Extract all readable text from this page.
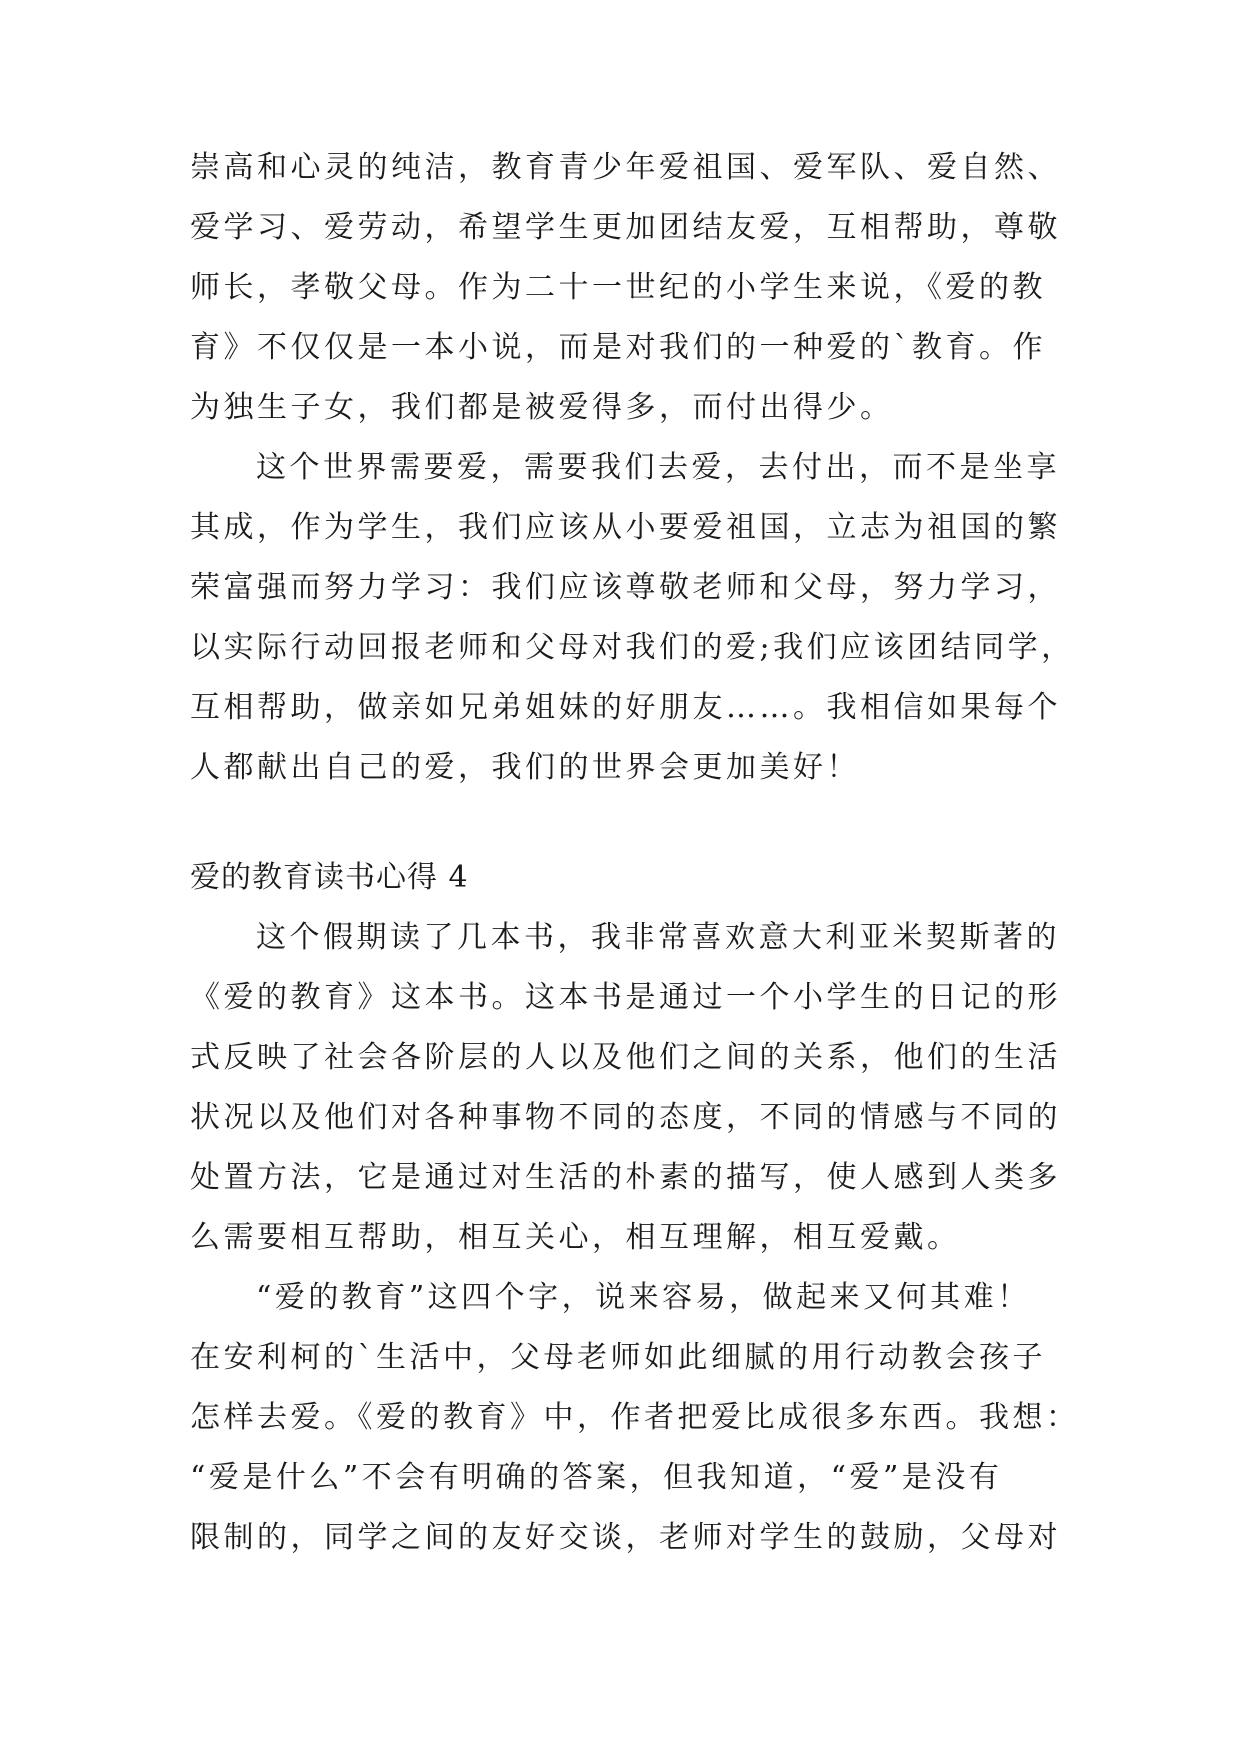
崇高和心灵的纯洁，教育青少年爱祖国、爱军队、爱自然、
爱学习、爱劳动，希望学生更加团结友爱，互相帮助，尊敬
师长，孝敬父母。作为二十一世纪的小学生来说，《爱的教
育》不仅仅是一本小说，而是对我们的一种爱的`教育。作
为独生子女，我们都是被爱得多，而付出得少。
这个世界需要爱，需要我们去爱，去付出，而不是坐享
其成，作为学生，我们应该从小要爱祖国，立志为祖国的繁
荣富强而努力学习：我们应该尊敬老师和父母，努力学习，
以实际行动回报老师和父母对我们的爱;我们应该团结同学，
互相帮助，做亲如兄弟姐妹的好朋友……。我相信如果每个
人都献出自己的爱，我们的世界会更加美好！
爱的教育读书心得 4
这个假期读了几本书，我非常喜欢意大利亚米契斯著的
《爱的教育》这本书。这本书是通过一个小学生的日记的形
式反映了社会各阶层的人以及他们之间的关系，他们的生活
状况以及他们对各种事物不同的态度，不同的情感与不同的
处置方法，它是通过对生活的朴素的描写，使人感到人类多
么需要相互帮助，相互关心，相互理解，相互爱戴。
“爱的教育”这四个字，说来容易，做起来又何其难！
在安利柯的`生活中，父母老师如此细腻的用行动教会孩子
怎样去爱。《爱的教育》中，作者把爱比成很多东西。我想：
“爱是什么”不会有明确的答案，但我知道，“爱”是没有
限制的，同学之间的友好交谈，老师对学生的鼓励，父母对
